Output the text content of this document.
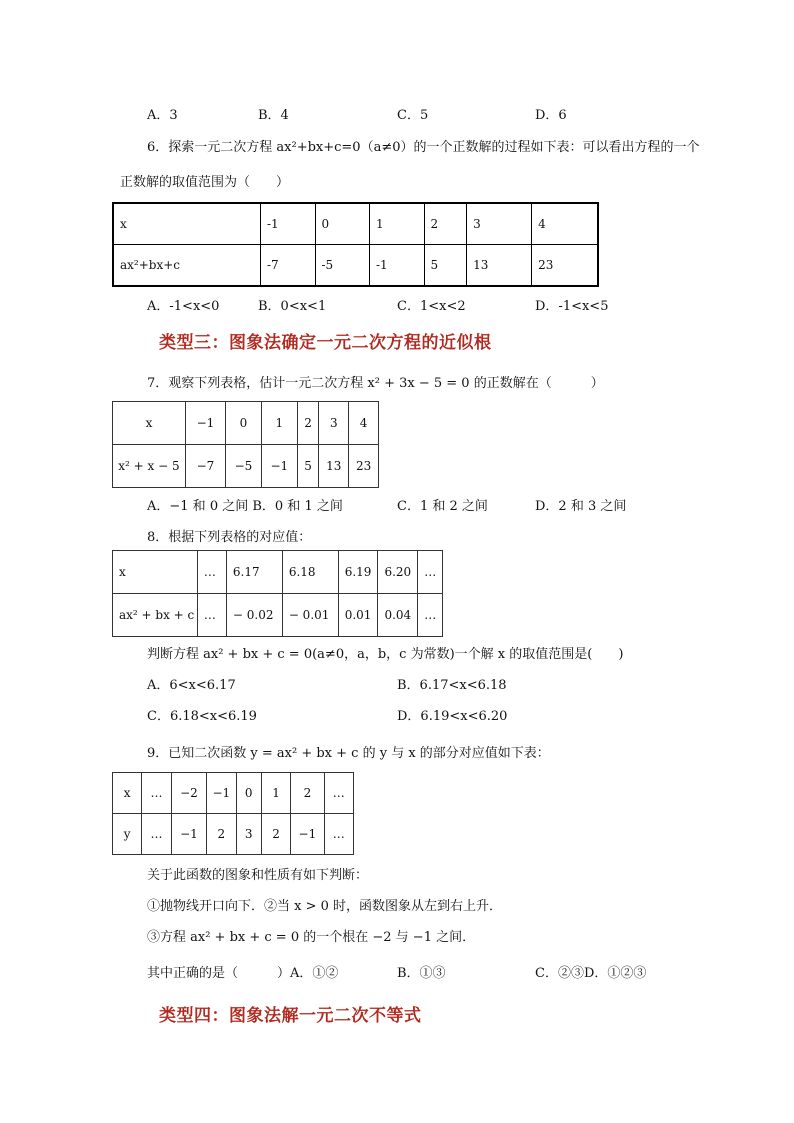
A．3	B．4	C．5	D．6
6．探索一元二次方程 ax²+bx+c=0（a≠0）的一个正数解的过程如下表：可以看出方程的一个
正数解的取值范围为（　　）
x	-1	0	1	2	3	4
ax²+bx+c	-7	-5	-1	5	13	23
A．-1<x<0	B．0<x<1	C．1<x<2	D．-1<x<5
类型三：图象法确定一元二次方程的近似根
7．观察下列表格，估计一元二次方程 x² + 3x − 5 = 0 的正数解在（　　　）
x	−1	0	1	2	3	4
x² + x − 5	−7	−5	−1	5	13	23
A．−1 和 0 之间 B．0 和 1 之间	C．1 和 2 之间	D．2 和 3 之间
8．根据下列表格的对应值：
x	…	6.17	6.18	6.19	6.20	…
ax² + bx + c	…	− 0.02	− 0.01	0.01	0.04	…
判断方程 ax² + bx + c = 0(a≠0，a，b，c 为常数)一个解 x 的取值范围是(　　)
A．6<x<6.17	B．6.17<x<6.18
C．6.18<x<6.19	D．6.19<x<6.20
9．已知二次函数 y = ax² + bx + c 的 y 与 x 的部分对应值如下表：
x	…	−2	−1	0	1	2	…
y	…	−1	2	3	2	−1	…
关于此函数的图象和性质有如下判断：
①抛物线开口向下．②当 x > 0 时，函数图象从左到右上升．
③方程 ax² + bx + c = 0 的一个根在 −2 与 −1 之间．
其中正确的是（　　　）A．①②	B．①③	C．②③D．①②③
类型四：图象法解一元二次不等式
